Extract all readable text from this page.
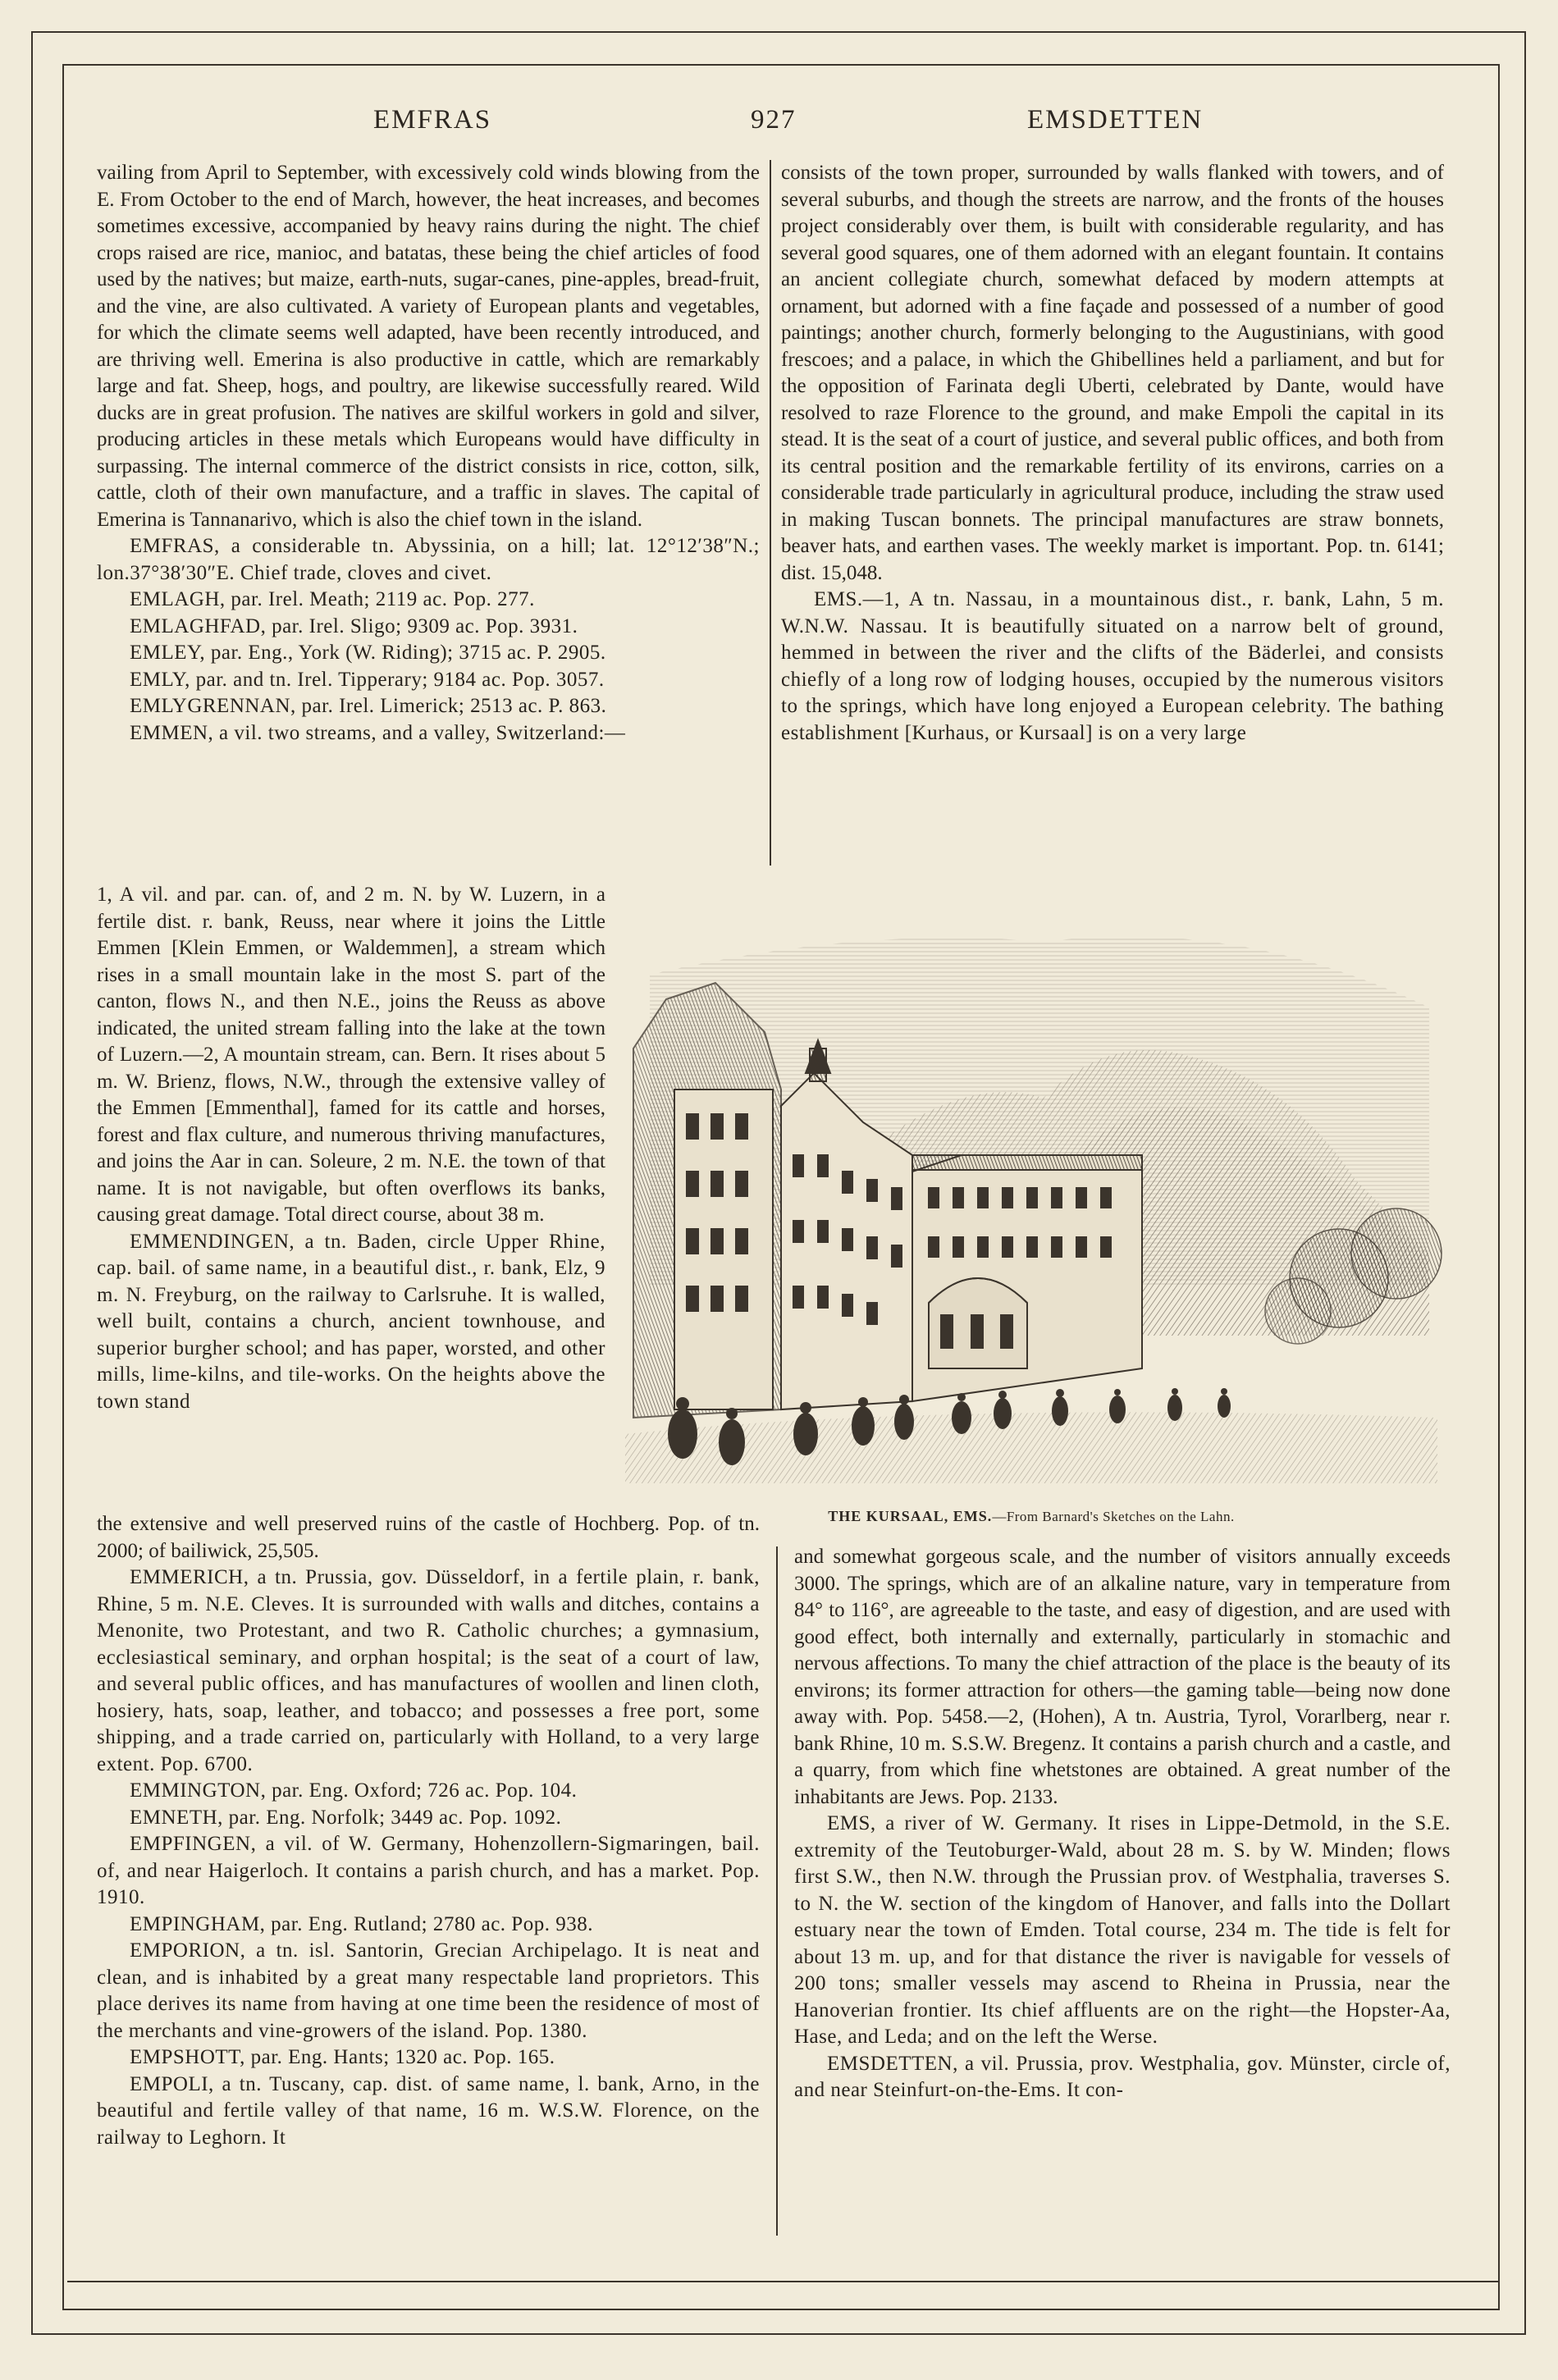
EMFRAS	927	EMSDETTEN

vailing from April to September, with excessively cold winds blowing from the E. From October to the end of March, however, the heat increases, and becomes sometimes excessive, accompanied by heavy rains during the night. The chief crops raised are rice, manioc, and batatas, these being the chief articles of food used by the natives; but maize, earth-nuts, sugar-canes, pine-apples, bread-fruit, and the vine, are also cultivated. A variety of European plants and vegetables, for which the climate seems well adapted, have been recently introduced, and are thriving well. Emerina is also productive in cattle, which are remarkably large and fat. Sheep, hogs, and poultry, are likewise successfully reared. Wild ducks are in great profusion. The natives are skilful workers in gold and silver, producing articles in these metals which Europeans would have difficulty in surpassing. The internal commerce of the district consists in rice, cotton, silk, cattle, cloth of their own manufacture, and a traffic in slaves. The capital of Emerina is Tannanarivo, which is also the chief town in the island.

EMFRAS, a considerable tn. Abyssinia, on a hill; lat. 12°12′38″N.; lon.37°38′30″E. Chief trade, cloves and civet.

EMLAGH, par. Irel. Meath; 2119 ac. Pop. 277.

EMLAGHFAD, par. Irel. Sligo; 9309 ac. Pop. 3931.

EMLEY, par. Eng., York (W. Riding); 3715 ac. P. 2905.

EMLY, par. and tn. Irel. Tipperary; 9184 ac. Pop. 3057.

EMLYGRENNAN, par. Irel. Limerick; 2513 ac. P. 863.

EMMEN, a vil. two streams, and a valley, Switzerland:—

1, A vil. and par. can. of, and 2 m. N. by W. Luzern, in a fertile dist. r. bank, Reuss, near where it joins the Little Emmen [Klein Emmen, or Waldemmen], a stream which rises in a small mountain lake in the most S. part of the canton, flows N., and then N.E., joins the Reuss as above indicated, the united stream falling into the lake at the town of Luzern.—2, A mountain stream, can. Bern. It rises about 5 m. W. Brienz, flows, N.W., through the extensive valley of the Emmen [Emmenthal], famed for its cattle and horses, forest and flax culture, and numerous thriving manufactures, and joins the Aar in can. Soleure, 2 m. N.E. the town of that name. It is not navigable, but often overflows its banks, causing great damage. Total direct course, about 38 m.

EMMENDINGEN, a tn. Baden, circle Upper Rhine, cap. bail. of same name, in a beautiful dist., r. bank, Elz, 9 m. N. Freyburg, on the railway to Carlsruhe. It is walled, well built, contains a church, ancient townhouse, and superior burgher school; and has paper, worsted, and other mills, lime-kilns, and tile-works. On the heights above the town stand

the extensive and well preserved ruins of the castle of Hochberg. Pop. of tn. 2000; of bailiwick, 25,505.

EMMERICH, a tn. Prussia, gov. Düsseldorf, in a fertile plain, r. bank, Rhine, 5 m. N.E. Cleves. It is surrounded with walls and ditches, contains a Menonite, two Protestant, and two R. Catholic churches; a gymnasium, ecclesiastical seminary, and orphan hospital; is the seat of a court of law, and several public offices, and has manufactures of woollen and linen cloth, hosiery, hats, soap, leather, and tobacco; and possesses a free port, some shipping, and a trade carried on, particularly with Holland, to a very large extent. Pop. 6700.

EMMINGTON, par. Eng. Oxford; 726 ac. Pop. 104.

EMNETH, par. Eng. Norfolk; 3449 ac. Pop. 1092.

EMPFINGEN, a vil. of W. Germany, Hohenzollern-Sigmaringen, bail. of, and near Haigerloch. It contains a parish church, and has a market. Pop. 1910.

EMPINGHAM, par. Eng. Rutland; 2780 ac. Pop. 938.

EMPORION, a tn. isl. Santorin, Grecian Archipelago. It is neat and clean, and is inhabited by a great many respectable land proprietors. This place derives its name from having at one time been the residence of most of the merchants and vine-growers of the island. Pop. 1380.

EMPSHOTT, par. Eng. Hants; 1320 ac. Pop. 165.

EMPOLI, a tn. Tuscany, cap. dist. of same name, l. bank, Arno, in the beautiful and fertile valley of that name, 16 m. W.S.W. Florence, on the railway to Leghorn. It

consists of the town proper, surrounded by walls flanked with towers, and of several suburbs, and though the streets are narrow, and the fronts of the houses project considerably over them, is built with considerable regularity, and has several good squares, one of them adorned with an elegant fountain. It contains an ancient collegiate church, somewhat defaced by modern attempts at ornament, but adorned with a fine façade and possessed of a number of good paintings; another church, formerly belonging to the Augustinians, with good frescoes; and a palace, in which the Ghibellines held a parliament, and but for the opposition of Farinata degli Uberti, celebrated by Dante, would have resolved to raze Florence to the ground, and make Empoli the capital in its stead. It is the seat of a court of justice, and several public offices, and both from its central position and the remarkable fertility of its environs, carries on a considerable trade particularly in agricultural produce, including the straw used in making Tuscan bonnets. The principal manufactures are straw bonnets, beaver hats, and earthen vases. The weekly market is important. Pop. tn. 6141; dist. 15,048.

EMS.—1, A tn. Nassau, in a mountainous dist., r. bank, Lahn, 5 m. W.N.W. Nassau. It is beautifully situated on a narrow belt of ground, hemmed in between the river and the clifts of the Bäderlei, and consists chiefly of a long row of lodging houses, occupied by the numerous visitors to the springs, which have long enjoyed a European celebrity. The bathing establishment [Kurhaus, or Kursaal] is on a very large

THE KURSAAL, EMS.—From Barnard's Sketches on the Lahn.

and somewhat gorgeous scale, and the number of visitors annually exceeds 3000. The springs, which are of an alkaline nature, vary in temperature from 84° to 116°, are agreeable to the taste, and easy of digestion, and are used with good effect, both internally and externally, particularly in stomachic and nervous affections. To many the chief attraction of the place is the beauty of its environs; its former attraction for others—the gaming table—being now done away with. Pop. 5458.—2, (Hohen), A tn. Austria, Tyrol, Vorarlberg, near r. bank Rhine, 10 m. S.S.W. Bregenz. It contains a parish church and a castle, and a quarry, from which fine whetstones are obtained. A great number of the inhabitants are Jews. Pop. 2133.

EMS, a river of W. Germany. It rises in Lippe-Detmold, in the S.E. extremity of the Teutoburger-Wald, about 28 m. S. by W. Minden; flows first S.W., then N.W. through the Prussian prov. of Westphalia, traverses S. to N. the W. section of the kingdom of Hanover, and falls into the Dollart estuary near the town of Emden. Total course, 234 m. The tide is felt for about 13 m. up, and for that distance the river is navigable for vessels of 200 tons; smaller vessels may ascend to Rheina in Prussia, near the Hanoverian frontier. Its chief affluents are on the right—the Hopster-Aa, Hase, and Leda; and on the left the Werse.

EMSDETTEN, a vil. Prussia, prov. Westphalia, gov. Münster, circle of, and near Steinfurt-on-the-Ems. It con-
